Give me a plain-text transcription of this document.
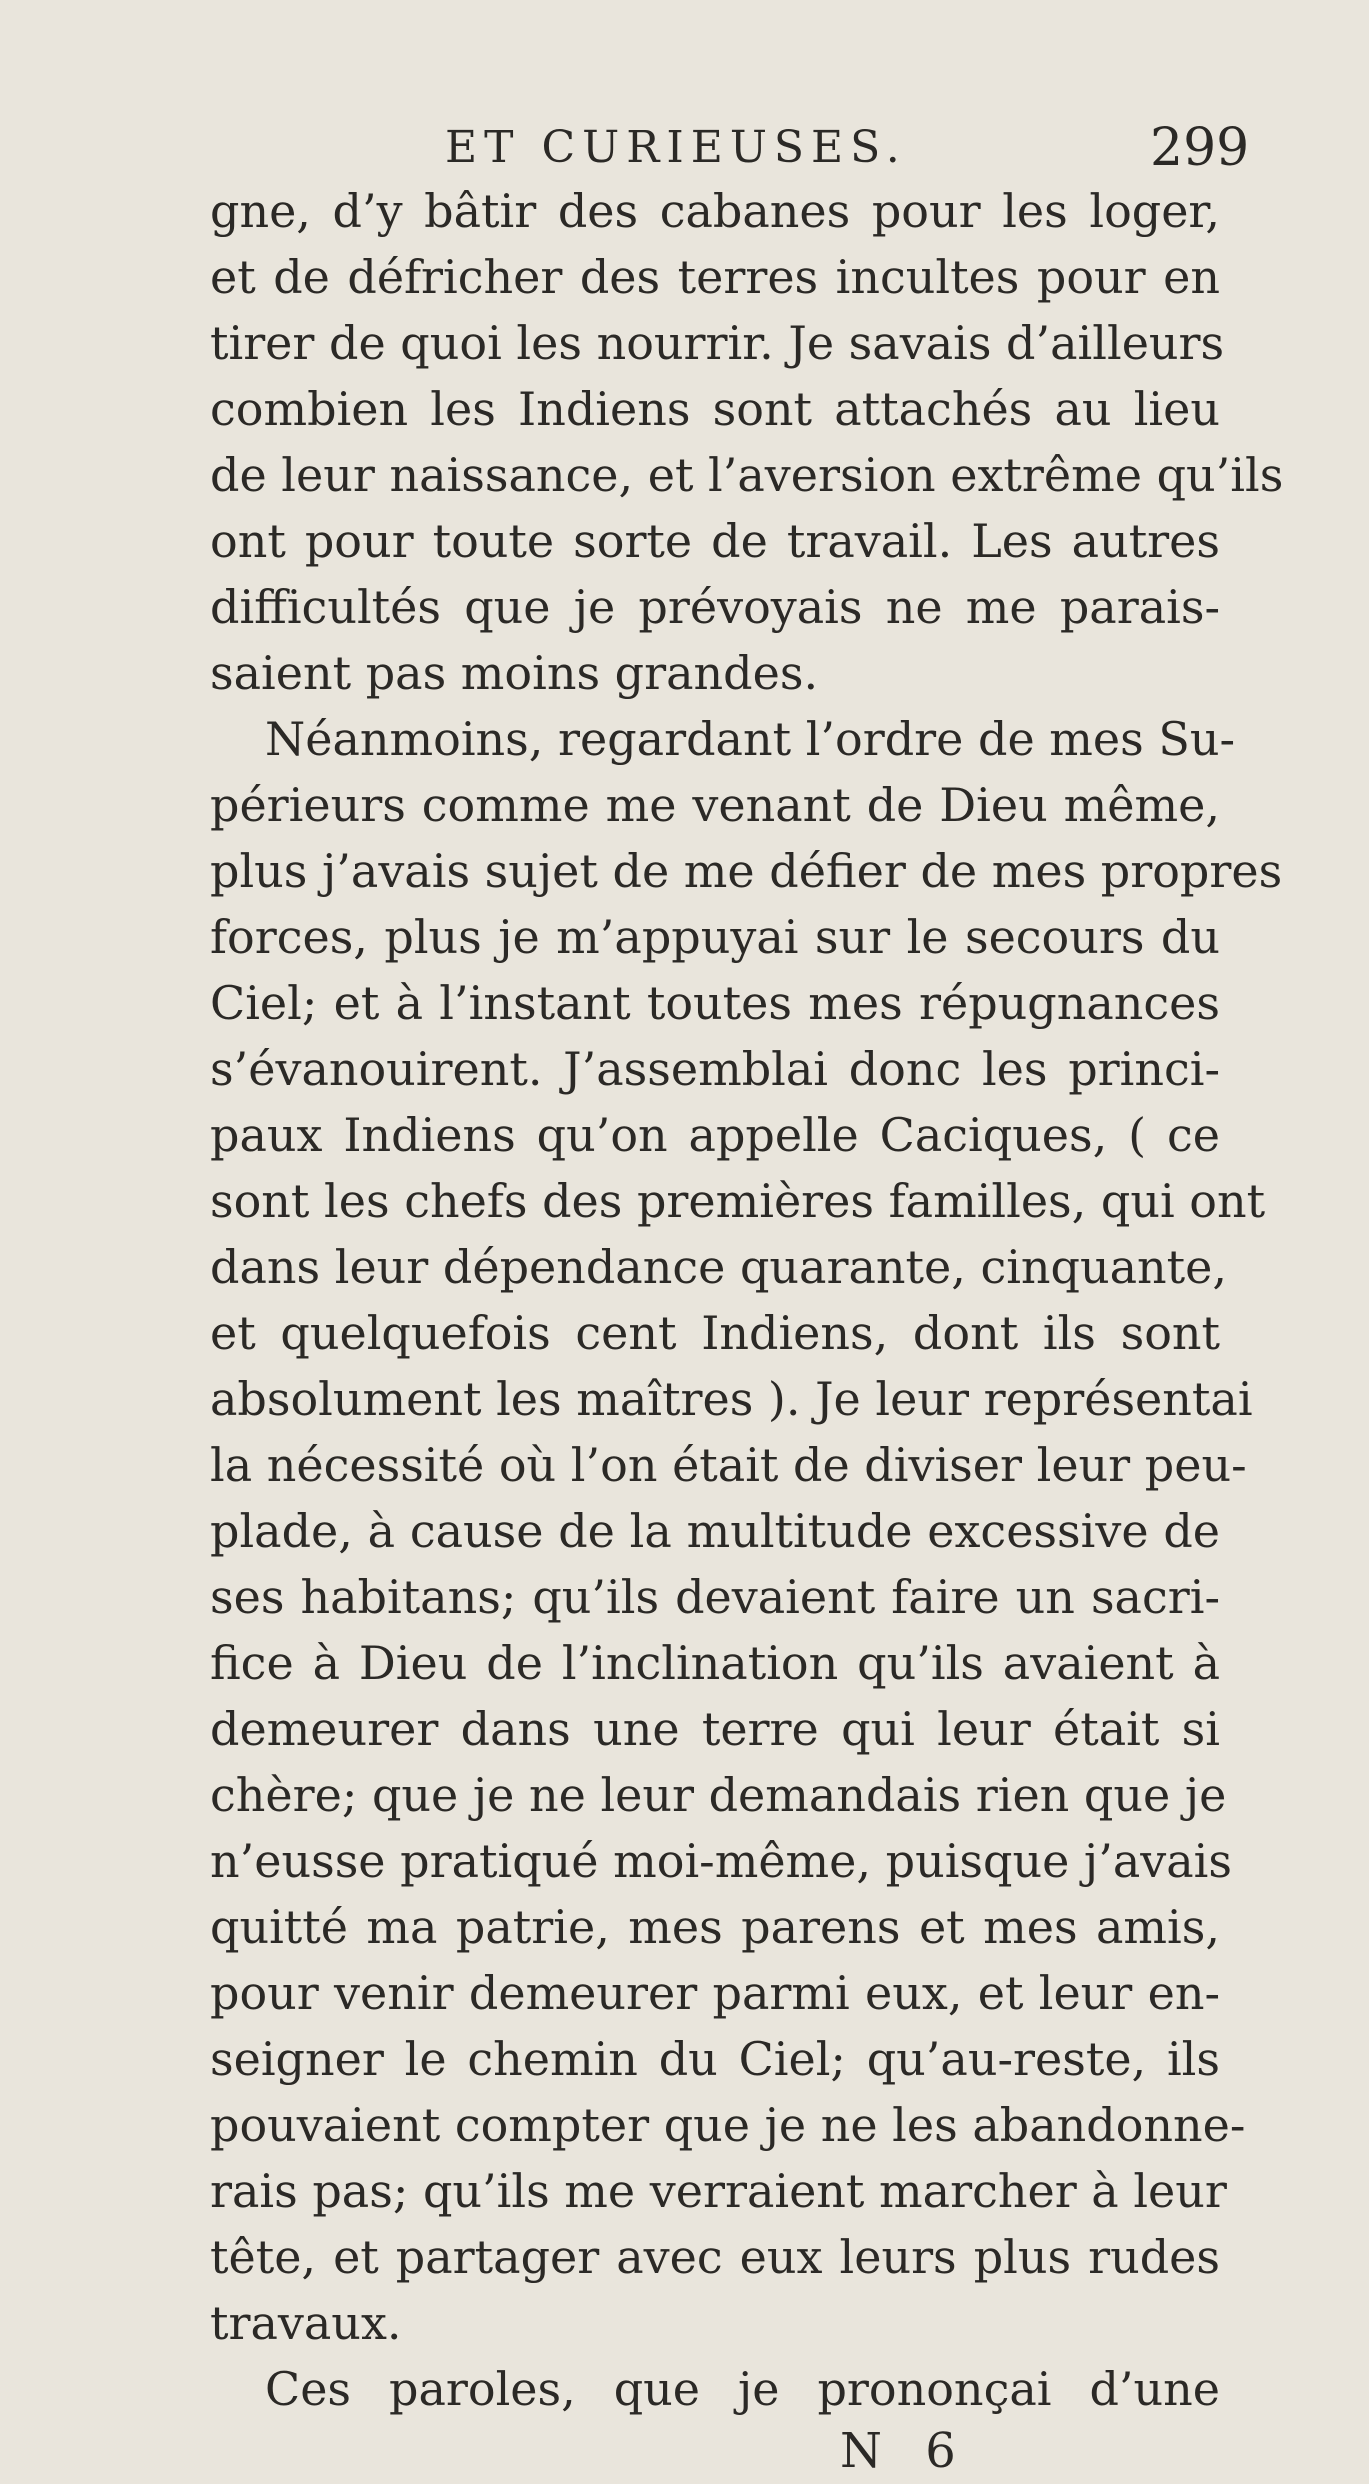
ET CURIEUSES.	299
gne, d’y bâtir des cabanes pour les loger,
et de défricher des terres incultes pour en
tirer de quoi les nourrir. Je savais d’ailleurs
combien les Indiens sont attachés au lieu
de leur naissance, et l’aversion extrême qu’ils
ont pour toute sorte de travail. Les autres
difficultés que je prévoyais ne me parais-
saient pas moins grandes.
Néanmoins, regardant l’ordre de mes Su-
périeurs comme me venant de Dieu même,
plus j’avais sujet de me défier de mes propres
forces, plus je m’appuyai sur le secours du
Ciel; et à l’instant toutes mes répugnances
s’évanouirent. J’assemblai donc les princi-
paux Indiens qu’on appelle Caciques, ( ce
sont les chefs des premières familles, qui ont
dans leur dépendance quarante, cinquante,
et quelquefois cent Indiens, dont ils sont
absolument les maîtres ). Je leur représentai
la nécessité où l’on était de diviser leur peu-
plade, à cause de la multitude excessive de
ses habitans; qu’ils devaient faire un sacri-
fice à Dieu de l’inclination qu’ils avaient à
demeurer dans une terre qui leur était si
chère; que je ne leur demandais rien que je
n’eusse pratiqué moi-même, puisque j’avais
quitté ma patrie, mes parens et mes amis,
pour venir demeurer parmi eux, et leur en-
seigner le chemin du Ciel; qu’au-reste, ils
pouvaient compter que je ne les abandonne-
rais pas; qu’ils me verraient marcher à leur
tête, et partager avec eux leurs plus rudes
travaux.
Ces paroles, que je prononçai d’une
N 6
